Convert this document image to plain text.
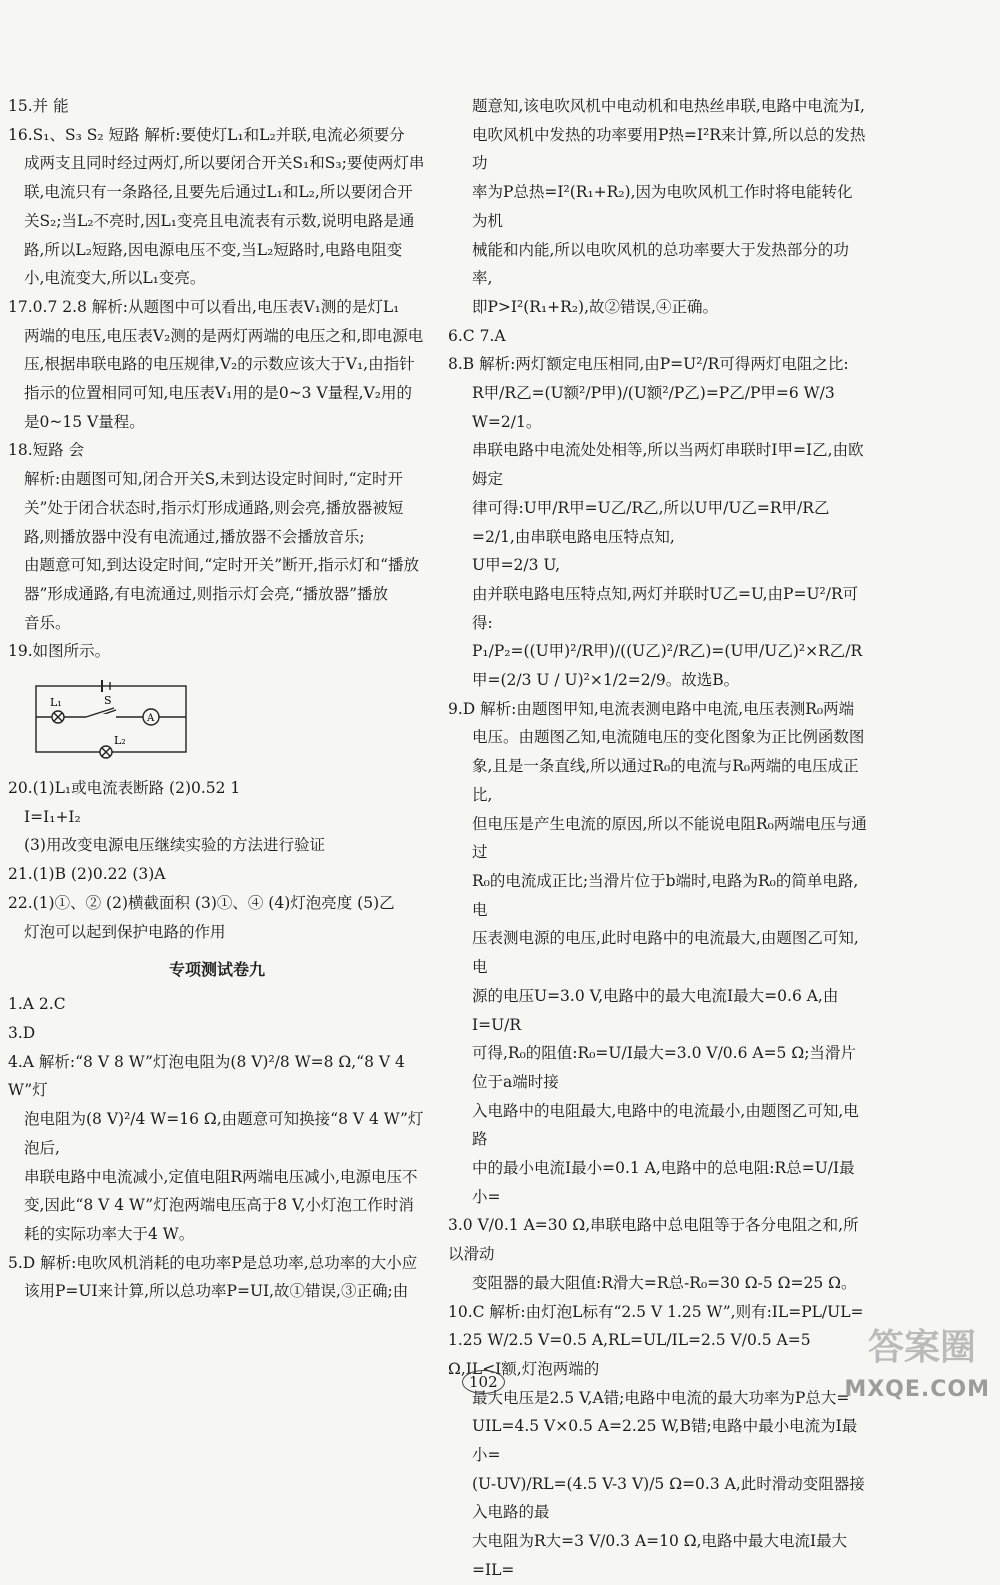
15.并 能

16.S₁、S₃ S₂ 短路 解析:要使灯L₁和L₂并联,电流必须要分

成两支且同时经过两灯,所以要闭合开关S₁和S₃;要使两灯串

联,电流只有一条路径,且要先后通过L₁和L₂,所以要闭合开

关S₂;当L₂不亮时,因L₁变亮且电流表有示数,说明电路是通

路,所以L₂短路,因电源电压不变,当L₂短路时,电路电阻变

小,电流变大,所以L₁变亮。

17.0.7 2.8 解析:从题图中可以看出,电压表V₁测的是灯L₁

两端的电压,电压表V₂测的是两灯两端的电压之和,即电源电

压,根据串联电路的电压规律,V₂的示数应该大于V₁,由指针

指示的位置相同可知,电压表V₁用的是0~3 V量程,V₂用的

是0~15 V量程。

18.短路 会

解析:由题图可知,闭合开关S,未到达设定时间时,“定时开

关”处于闭合状态时,指示灯形成通路,则会亮,播放器被短

路,则播放器中没有电流通过,播放器不会播放音乐;

由题意可知,到达设定时间,“定时开关”断开,指示灯和“播放

器”形成通路,有电流通过,则指示灯会亮,“播放器”播放

音乐。

19.如图所示。

L₁	S
A
L₂

20.(1)L₁或电流表断路 (2)0.52 1

I=I₁+I₂

(3)用改变电源电压继续实验的方法进行验证

21.(1)B (2)0.22 (3)A

22.(1)①、② (2)横截面积 (3)①、④ (4)灯泡亮度 (5)乙

灯泡可以起到保护电路的作用

专项测试卷九

1.A 2.C

3.D

4.A 解析:“8 V 8 W”灯泡电阻为(8 V)²/8 W=8 Ω,“8 V 4 W”灯

泡电阻为(8 V)²/4 W=16 Ω,由题意可知换接“8 V 4 W”灯泡后,

串联电路中电流减小,定值电阻R两端电压减小,电源电压不

变,因此“8 V 4 W”灯泡两端电压高于8 V,小灯泡工作时消

耗的实际功率大于4 W。

5.D 解析:电吹风机消耗的电功率P是总功率,总功率的大小应

该用P=UI来计算,所以总功率P=UI,故①错误,③正确;由

题意知,该电吹风机中电动机和电热丝串联,电路中电流为I,

电吹风机中发热的功率要用P热=I²R来计算,所以总的发热功

率为P总热=I²(R₁+R₂),因为电吹风机工作时将电能转化为机

械能和内能,所以电吹风机的总功率要大于发热部分的功率,

即P>I²(R₁+R₂),故②错误,④正确。

6.C 7.A

8.B 解析:两灯额定电压相同,由P=U²/R可得两灯电阻之比:

R甲/R乙=(U额²/P甲)/(U额²/P乙)=P乙/P甲=6 W/3 W=2/1。

串联电路中电流处处相等,所以当两灯串联时I甲=I乙,由欧姆定

律可得:U甲/R甲=U乙/R乙,所以U甲/U乙=R甲/R乙=2/1,由串联电路电压特点知,

U甲=2/3 U,

由并联电路电压特点知,两灯并联时U乙=U,由P=U²/R可得:

P₁/P₂=((U甲)²/R甲)/((U乙)²/R乙)=(U甲/U乙)²×R乙/R甲=(2/3 U / U)²×1/2=2/9。故选B。

9.D 解析:由题图甲知,电流表测电路中电流,电压表测R₀两端

电压。由题图乙知,电流随电压的变化图象为正比例函数图

象,且是一条直线,所以通过R₀的电流与R₀两端的电压成正比,

但电压是产生电流的原因,所以不能说电阻R₀两端电压与通过

R₀的电流成正比;当滑片位于b端时,电路为R₀的简单电路,电

压表测电源的电压,此时电路中的电流最大,由题图乙可知,电

源的电压U=3.0 V,电路中的最大电流I最大=0.6 A,由I=U/R

可得,R₀的阻值:R₀=U/I最大=3.0 V/0.6 A=5 Ω;当滑片位于a端时接

入电路中的电阻最大,电路中的电流最小,由题图乙可知,电路

中的最小电流I最小=0.1 A,电路中的总电阻:R总=U/I最小=

3.0 V/0.1 A=30 Ω,串联电路中总电阻等于各分电阻之和,所以滑动

变阻器的最大阻值:R滑大=R总-R₀=30 Ω-5 Ω=25 Ω。

10.C 解析:由灯泡L标有“2.5 V 1.25 W”,则有:IL=PL/UL=

1.25 W/2.5 V=0.5 A,RL=UL/IL=2.5 V/0.5 A=5 Ω,IL<I额,灯泡两端的

最大电压是2.5 V,A错;电路中电流的最大功率为P总大=

UIL=4.5 V×0.5 A=2.25 W,B错;电路中最小电流为I最小=

(U-UV)/RL=(4.5 V-3 V)/5 Ω=0.3 A,此时滑动变阻器接入电路的最

大电阻为R大=3 V/0.3 A=10 Ω,电路中最大电流I最大=IL=

102
答案圈
MXQE.COM
